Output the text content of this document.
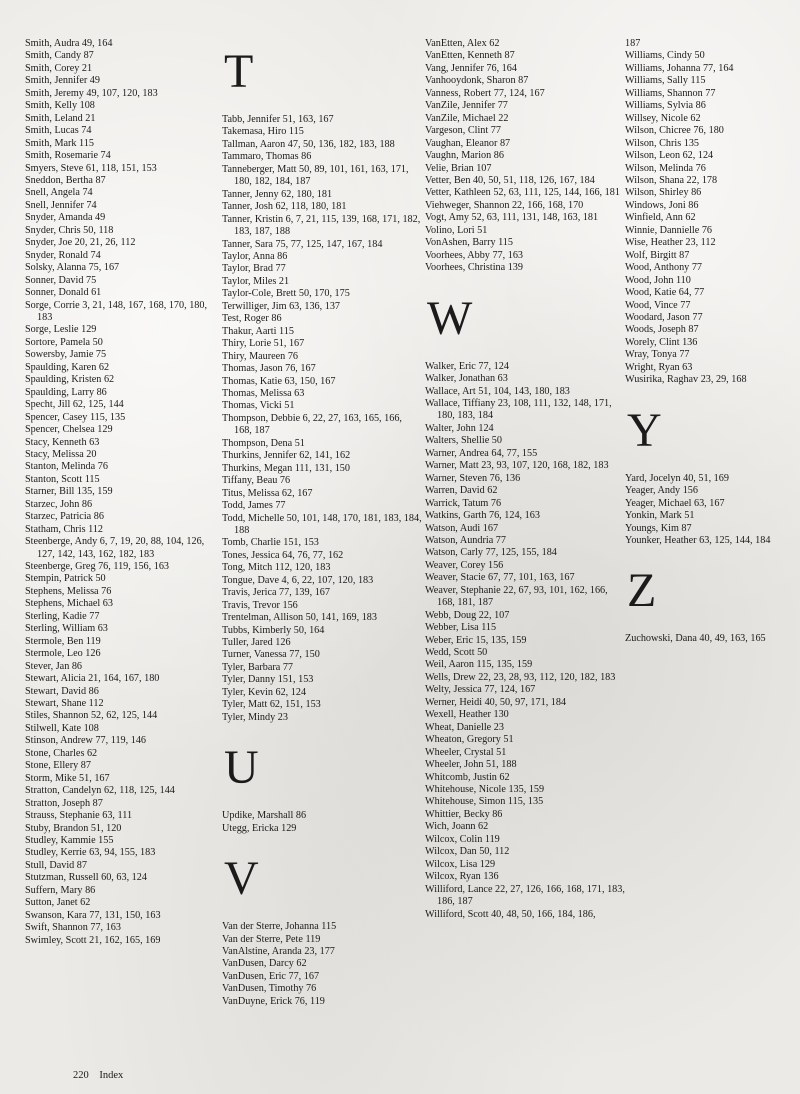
Smith, Audra 49, 164
Smith, Candy 87
Smith, Corey 21
Smith, Jennifer 49
Smith, Jeremy 49, 107, 120, 183
Smith, Kelly 108
Smith, Leland 21
Smith, Lucas 74
Smith, Mark 115
Smith, Rosemarie 74
Smyers, Steve 61, 118, 151, 153
Sneddon, Bertha 87
Snell, Angela 74
Snell, Jennifer 74
Snyder, Amanda 49
Snyder, Chris 50, 118
Snyder, Joe 20, 21, 26, 112
Snyder, Ronald 74
Solsky, Alanna 75, 167
Sonner, David 75
Sonner, Donald 61
Sorge, Corrie 3, 21, 148, 167, 168, 170, 180, 183
Sorge, Leslie 129
Sortore, Pamela 50
Sowersby, Jamie 75
Spaulding, Karen 62
Spaulding, Kristen 62
Spaulding, Larry 86
Specht, Jill 62, 125, 144
Spencer, Casey 115, 135
Spencer, Chelsea 129
Stacy, Kenneth 63
Stacy, Melissa 20
Stanton, Melinda 76
Stanton, Scott 115
Starner, Bill 135, 159
Starzec, John 86
Starzec, Patricia 86
Statham, Chris 112
Steenberge, Andy 6, 7, 19, 20, 88, 104, 126, 127, 142, 143, 162, 182, 183
Steenberge, Greg 76, 119, 156, 163
Stempin, Patrick 50
Stephens, Melissa 76
Stephens, Michael 63
Sterling, Kadie 77
Sterling, William 63
Stermole, Ben 119
Stermole, Leo 126
Stever, Jan 86
Stewart, Alicia 21, 164, 167, 180
Stewart, David 86
Stewart, Shane 112
Stiles, Shannon 52, 62, 125, 144
Stilwell, Kate 108
Stinson, Andrew 77, 119, 146
Stone, Charles 62
Stone, Ellery 87
Storm, Mike 51, 167
Stratton, Candelyn 62, 118, 125, 144
Stratton, Joseph 87
Strauss, Stephanie 63, 111
Stuby, Brandon 51, 120
Studley, Kammie 155
Studley, Kerrie 63, 94, 155, 183
Stull, David 87
Stutzman, Russell 60, 63, 124
Suffern, Mary 86
Sutton, Janet 62
Swanson, Kara 77, 131, 150, 163
Swift, Shannon 77, 163
Swimley, Scott 21, 162, 165, 169
T
Tabb, Jennifer 51, 163, 167
Takemasa, Hiro 115
Tallman, Aaron 47, 50, 136, 182, 183, 188
Tammaro, Thomas 86
Tanneberger, Matt 50, 89, 101, 161, 163, 171, 180, 182, 184, 187
Tanner, Jenny 62, 180, 181
Tanner, Josh 62, 118, 180, 181
Tanner, Kristin 6, 7, 21, 115, 139, 168, 171, 182, 183, 187, 188
Tanner, Sara 75, 77, 125, 147, 167, 184
Taylor, Anna 86
Taylor, Brad 77
Taylor, Miles 21
Taylor-Cole, Brett 50, 170, 175
Terwilliger, Jim 63, 136, 137
Test, Roger 86
Thakur, Aarti 115
Thiry, Lorie 51, 167
Thiry, Maureen 76
Thomas, Jason 76, 167
Thomas, Katie 63, 150, 167
Thomas, Melissa 63
Thomas, Vicki 51
Thompson, Debbie 6, 22, 27, 163, 165, 166, 168, 187
Thompson, Dena 51
Thurkins, Jennifer 62, 141, 162
Thurkins, Megan 111, 131, 150
Tiffany, Beau 76
Titus, Melissa 62, 167
Todd, James 77
Todd, Michelle 50, 101, 148, 170, 181, 183, 184, 188
Tomb, Charlie 151, 153
Tones, Jessica 64, 76, 77, 162
Tong, Mitch 112, 120, 183
Tongue, Dave 4, 6, 22, 107, 120, 183
Travis, Jerica 77, 139, 167
Travis, Trevor 156
Trentelman, Allison 50, 141, 169, 183
Tubbs, Kimberly 50, 164
Tuller, Jared 126
Turner, Vanessa 77, 150
Tyler, Barbara 77
Tyler, Danny 151, 153
Tyler, Kevin 62, 124
Tyler, Matt 62, 151, 153
Tyler, Mindy 23
U
Updike, Marshall 86
Utegg, Ericka 129
V
Van der Sterre, Johanna 115
Van der Sterre, Pete 119
VanAlstine, Aranda 23, 177
VanDusen, Darcy 62
VanDusen, Eric 77, 167
VanDusen, Timothy 76
VanDuyne, Erick 76, 119
VanEtten, Alex 62
VanEtten, Kenneth 87
Vang, Jennifer 76, 164
Vanhooydonk, Sharon 87
Vanness, Robert 77, 124, 167
VanZile, Jennifer 77
VanZile, Michael 22
Vargeson, Clint 77
Vaughan, Eleanor 87
Vaughn, Marion 86
Velie, Brian 107
Vetter, Ben 40, 50, 51, 118, 126, 167, 184
Vetter, Kathleen 52, 63, 111, 125, 144, 166, 181
Viehweger, Shannon 22, 166, 168, 170
Vogt, Amy 52, 63, 111, 131, 148, 163, 181
Volino, Lori 51
VonAshen, Barry 115
Voorhees, Abby 77, 163
Voorhees, Christina 139
W
Walker, Eric 77, 124
Walker, Jonathan 63
Wallace, Art 51, 104, 143, 180, 183
Wallace, Tiffiany 23, 108, 111, 132, 148, 171, 180, 183, 184
Walter, John 124
Walters, Shellie 50
Warner, Andrea 64, 77, 155
Warner, Matt 23, 93, 107, 120, 168, 182, 183
Warner, Steven 76, 136
Warren, David 62
Warrick, Tatum 76
Watkins, Garth 76, 124, 163
Watson, Audi 167
Watson, Aundria 77
Watson, Carly 77, 125, 155, 184
Weaver, Corey 156
Weaver, Stacie 67, 77, 101, 163, 167
Weaver, Stephanie 22, 67, 93, 101, 162, 166, 168, 181, 187
Webb, Doug 22, 107
Webber, Lisa 115
Weber, Eric 15, 135, 159
Wedd, Scott 50
Weil, Aaron 115, 135, 159
Wells, Drew 22, 23, 28, 93, 112, 120, 182, 183
Welty, Jessica 77, 124, 167
Werner, Heidi 40, 50, 97, 171, 184
Wexell, Heather 130
Wheat, Danielle 23
Wheaton, Gregory 51
Wheeler, Crystal 51
Wheeler, John 51, 188
Whitcomb, Justin 62
Whitehouse, Nicole 135, 159
Whitehouse, Simon 115, 135
Whittier, Becky 86
Wich, Joann 62
Wilcox, Colin 119
Wilcox, Dan 50, 112
Wilcox, Lisa 129
Wilcox, Ryan 136
Williford, Lance 22, 27, 126, 166, 168, 171, 183, 186, 187
Williford, Scott 40, 48, 50, 166, 184, 186,
187
Williams, Cindy 50
Williams, Johanna 77, 164
Williams, Sally 115
Williams, Shannon 77
Williams, Sylvia 86
Willsey, Nicole 62
Wilson, Chicree 76, 180
Wilson, Chris 135
Wilson, Leon 62, 124
Wilson, Melinda 76
Wilson, Shana 22, 178
Wilson, Shirley 86
Windows, Joni 86
Winfield, Ann 62
Winnie, Dannielle 76
Wise, Heather 23, 112
Wolf, Birgitt 87
Wood, Anthony 77
Wood, John 110
Wood, Katie 64, 77
Wood, Vince 77
Woodard, Jason 77
Woods, Joseph 87
Worely, Clint 136
Wray, Tonya 77
Wright, Ryan 63
Wusirika, Raghav 23, 29, 168
Y
Yard, Jocelyn 40, 51, 169
Yeager, Andy 156
Yeager, Michael 63, 167
Yonkin, Mark 51
Youngs, Kim 87
Younker, Heather 63, 125, 144, 184
Z
Zuchowski, Dana 40, 49, 163, 165
220 Index
